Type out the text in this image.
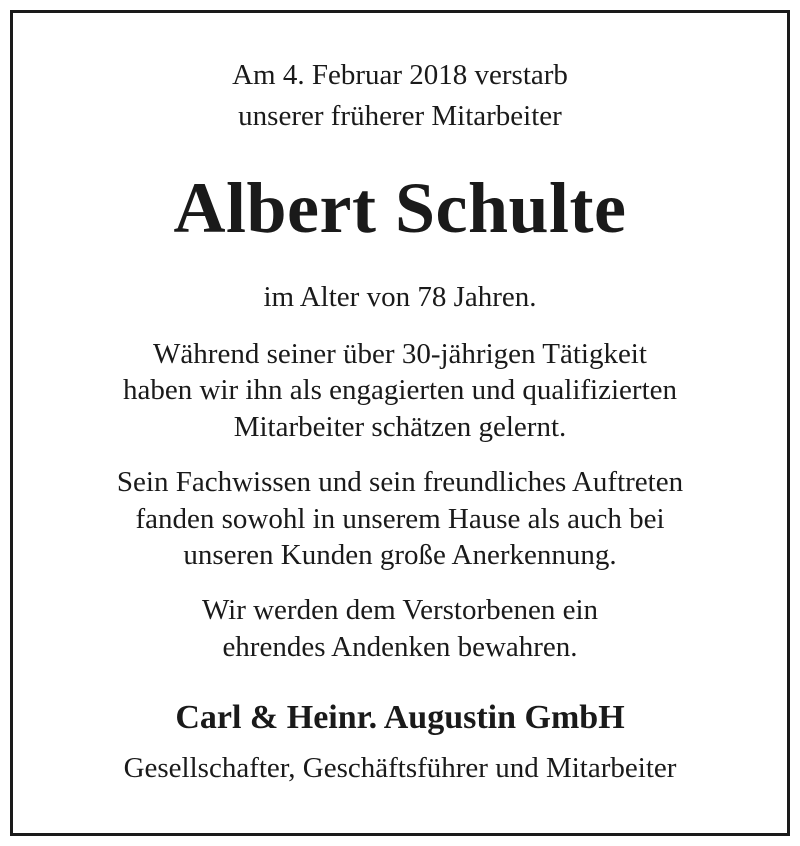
Am 4. Februar 2018 verstarb
unserer früherer Mitarbeiter
Albert Schulte
im Alter von 78 Jahren.
Während seiner über 30-jährigen Tätigkeit
haben wir ihn als engagierten und qualifizierten
Mitarbeiter schätzen gelernt.
Sein Fachwissen und sein freundliches Auftreten
fanden sowohl in unserem Hause als auch bei
unseren Kunden große Anerkennung.
Wir werden dem Verstorbenen ein
ehrendes Andenken bewahren.
Carl & Heinr. Augustin GmbH
Gesellschafter, Geschäftsführer und Mitarbeiter
